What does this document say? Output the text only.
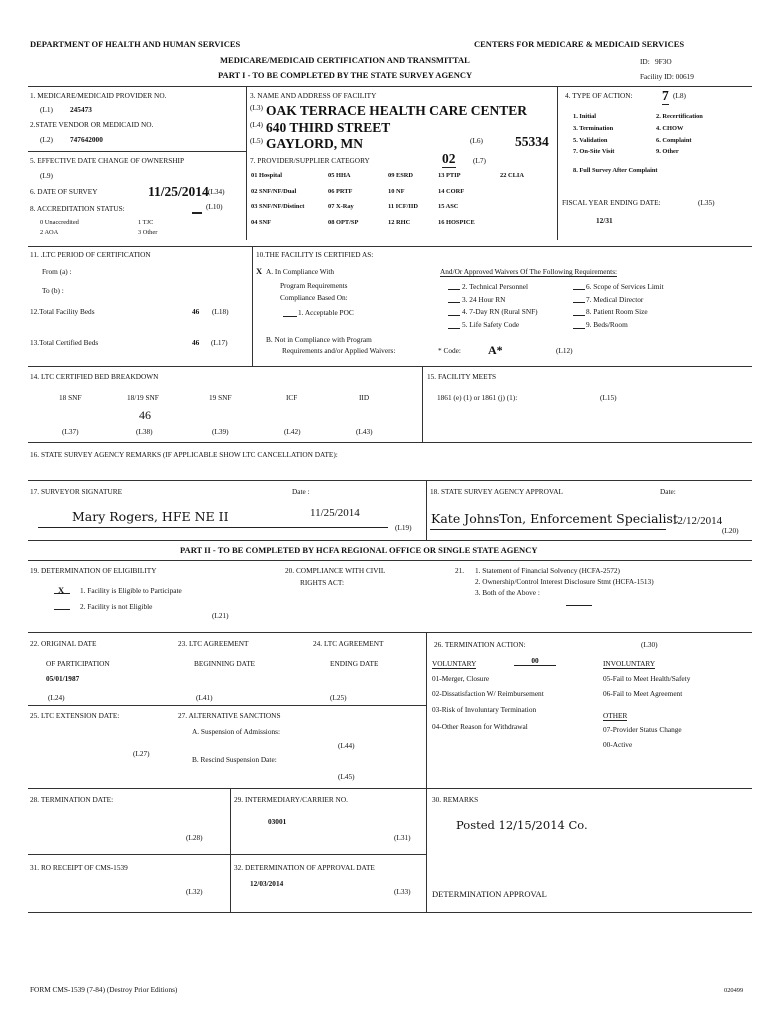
DEPARTMENT OF HEALTH AND HUMAN SERVICES	CENTERS FOR MEDICARE & MEDICAID SERVICES
MEDICARE/MEDICAID CERTIFICATION AND TRANSMITTAL
PART I - TO BE COMPLETED BY THE STATE SURVEY AGENCY
ID: 9F3O
Facility ID: 00619
1. MEDICARE/MEDICAID PROVIDER NO.
(L1) 245473
2.STATE VENDOR OR MEDICAID NO.
(L2) 747642000
3. NAME AND ADDRESS OF FACILITY
(L3) OAK TERRACE HEALTH CARE CENTER
(L4) 640 THIRD STREET
(L5) GAYLORD, MN	(L6) 55334
4. TYPE OF ACTION: 7 (L8)
1. Initial	2. Recertification
3. Termination	4. CHOW
5. Validation	6. Complaint
7. On-Site Visit	9. Other
8. Full Survey After Complaint
5. EFFECTIVE DATE CHANGE OF OWNERSHIP
(L9)
6. DATE OF SURVEY	11/25/2014 (L34)
8. ACCREDITATION STATUS:	(L10)
0 Unaccredited	1 TJC
2 AOA	3 Other
7. PROVIDER/SUPPLIER CATEGORY	02 (L7)
01 Hospital	05 HHA	09 ESRD	13 PTIP	22 CLIA
02 SNF/NF/Dual	06 PRTF	10 NF	14 CORF
03 SNF/NF/Distinct	07 X-Ray	11 ICF/IID	15 ASC
04 SNF	08 OPT/SP	12 RHC	16 HOSPICE
FISCAL YEAR ENDING DATE:	(L35)
12/31
11. .LTC PERIOD OF CERTIFICATION
From (a) :
To (b) :
12.Total Facility Beds	46 (L18)
13.Total Certified Beds	46 (L17)
10.THE FACILITY IS CERTIFIED AS:
X A. In Compliance With
Program Requirements
Compliance Based On:
1. Acceptable POC
B. Not in Compliance with Program
Requirements and/or Applied Waivers:	* Code: A*	(L12)
And/Or Approved Waivers Of The Following Requirements:
2. Technical Personnel
3. 24 Hour RN
4. 7-Day RN (Rural SNF)
5. Life Safety Code
6. Scope of Services Limit
7. Medical Director
8. Patient Room Size
9. Beds/Room
14. LTC CERTIFIED BED BREAKDOWN
18 SNF	18/19 SNF	19 SNF	ICF	IID
46
(L37)	(L38)	(L39)	(L42)	(L43)
15. FACILITY MEETS
1861 (e) (1) or 1861 (j) (1):	(L15)
16. STATE SURVEY AGENCY REMARKS (IF APPLICABLE SHOW LTC CANCELLATION DATE):
17. SURVEYOR SIGNATURE	Date :
Mary Rogers, HFE NE II	11/25/2014
(L19)
18. STATE SURVEY AGENCY APPROVAL	Date:
Kate JohnsTon, Enforcement Specialist
12/12/2014
(L20)
PART II - TO BE COMPLETED BY HCFA REGIONAL OFFICE OR SINGLE STATE AGENCY
19. DETERMINATION OF ELIGIBILITY
X 1. Facility is Eligible to Participate
2. Facility is not Eligible
(L21)
20. COMPLIANCE WITH CIVIL
RIGHTS ACT:
21. 1. Statement of Financial Solvency (HCFA-2572)
2. Ownership/Control Interest Disclosure Stmt (HCFA-1513)
3. Both of the Above :
22. ORIGINAL DATE
OF PARTICIPATION
05/01/1987
(L24)
23. LTC AGREEMENT
BEGINNING DATE
(L41)
24. LTC AGREEMENT
ENDING DATE
(L25)
25. LTC EXTENSION DATE:
(L27)
27. ALTERNATIVE SANCTIONS
A. Suspension of Admissions:
(L44)
B. Rescind Suspension Date:
(L45)
26. TERMINATION ACTION:	(L30)
VOLUNTARY	00	INVOLUNTARY
01-Merger, Closure
02-Dissatisfaction W/ Reimbursement
03-Risk of Involuntary Termination
04-Other Reason for Withdrawal
05-Fail to Meet Health/Safety
06-Fail to Meet Agreement
OTHER
07-Provider Status Change
00-Active
28. TERMINATION DATE:
(L28)
29. INTERMEDIARY/CARRIER NO.
03001
(L31)
30. REMARKS
Posted 12/15/2014 Co.
31. RO RECEIPT OF CMS-1539
(L32)
32. DETERMINATION OF APPROVAL DATE
12/03/2014
(L33)	DETERMINATION APPROVAL
FORM CMS-1539 (7-84) (Destroy Prior Editions)	020499
